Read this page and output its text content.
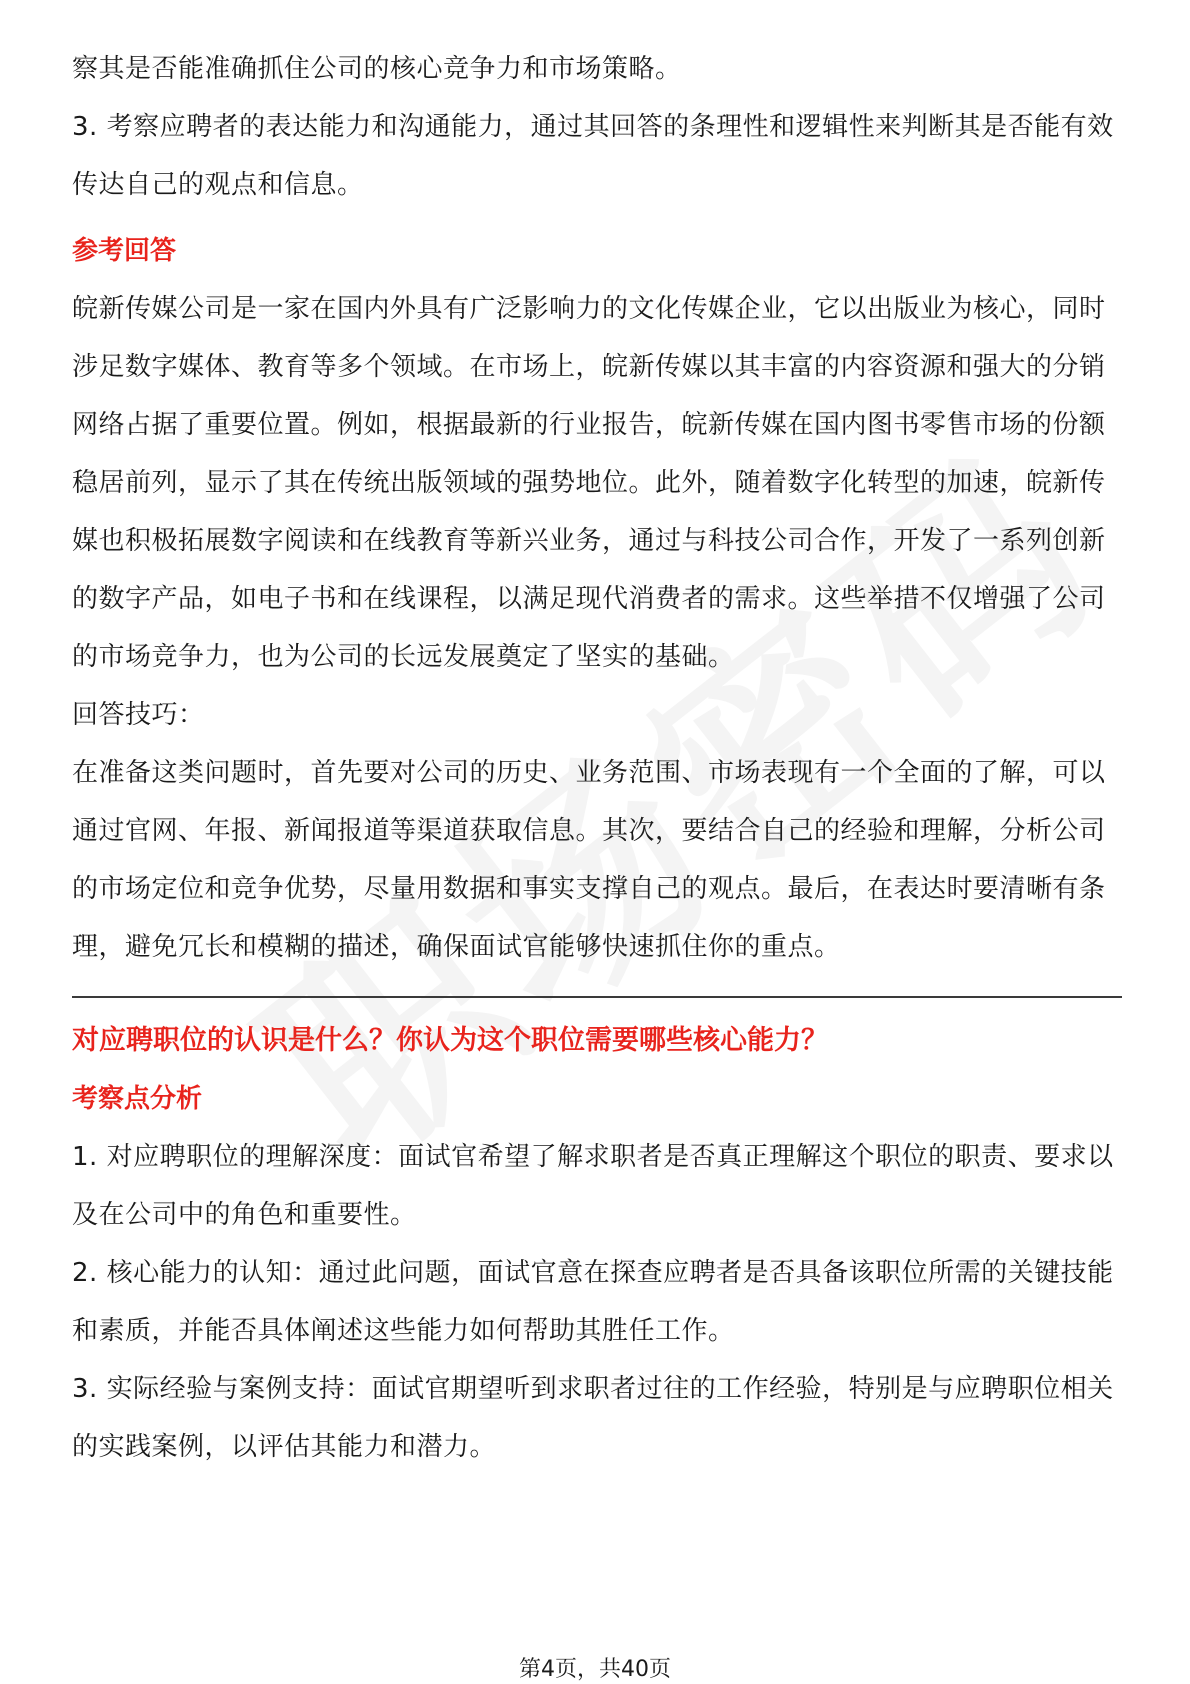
察其是否能准确抓住公司的核心竞争力和市场策略。

3. 考察应聘者的表达能力和沟通能力，通过其回答的条理性和逻辑性来判断其是否能有效传达自己的观点和信息。

参考回答

皖新传媒公司是一家在国内外具有广泛影响力的文化传媒企业，它以出版业为核心，同时涉足数字媒体、教育等多个领域。在市场上，皖新传媒以其丰富的内容资源和强大的分销网络占据了重要位置。例如，根据最新的行业报告，皖新传媒在国内图书零售市场的份额稳居前列，显示了其在传统出版领域的强势地位。此外，随着数字化转型的加速，皖新传媒也积极拓展数字阅读和在线教育等新兴业务，通过与科技公司合作，开发了一系列创新的数字产品，如电子书和在线课程，以满足现代消费者的需求。这些举措不仅增强了公司的市场竞争力，也为公司的长远发展奠定了坚实的基础。

回答技巧：

在准备这类问题时，首先要对公司的历史、业务范围、市场表现有一个全面的了解，可以通过官网、年报、新闻报道等渠道获取信息。其次，要结合自己的经验和理解，分析公司的市场定位和竞争优势，尽量用数据和事实支撑自己的观点。最后，在表达时要清晰有条理，避免冗长和模糊的描述，确保面试官能够快速抓住你的重点。

对应聘职位的认识是什么？你认为这个职位需要哪些核心能力？

考察点分析

1. 对应聘职位的理解深度：面试官希望了解求职者是否真正理解这个职位的职责、要求以及在公司中的角色和重要性。

2. 核心能力的认知：通过此问题，面试官意在探查应聘者是否具备该职位所需的关键技能和素质，并能否具体阐述这些能力如何帮助其胜任工作。

3. 实际经验与案例支持：面试官期望听到求职者过往的工作经验，特别是与应聘职位相关的实践案例，以评估其能力和潜力。

第4页，共40页
